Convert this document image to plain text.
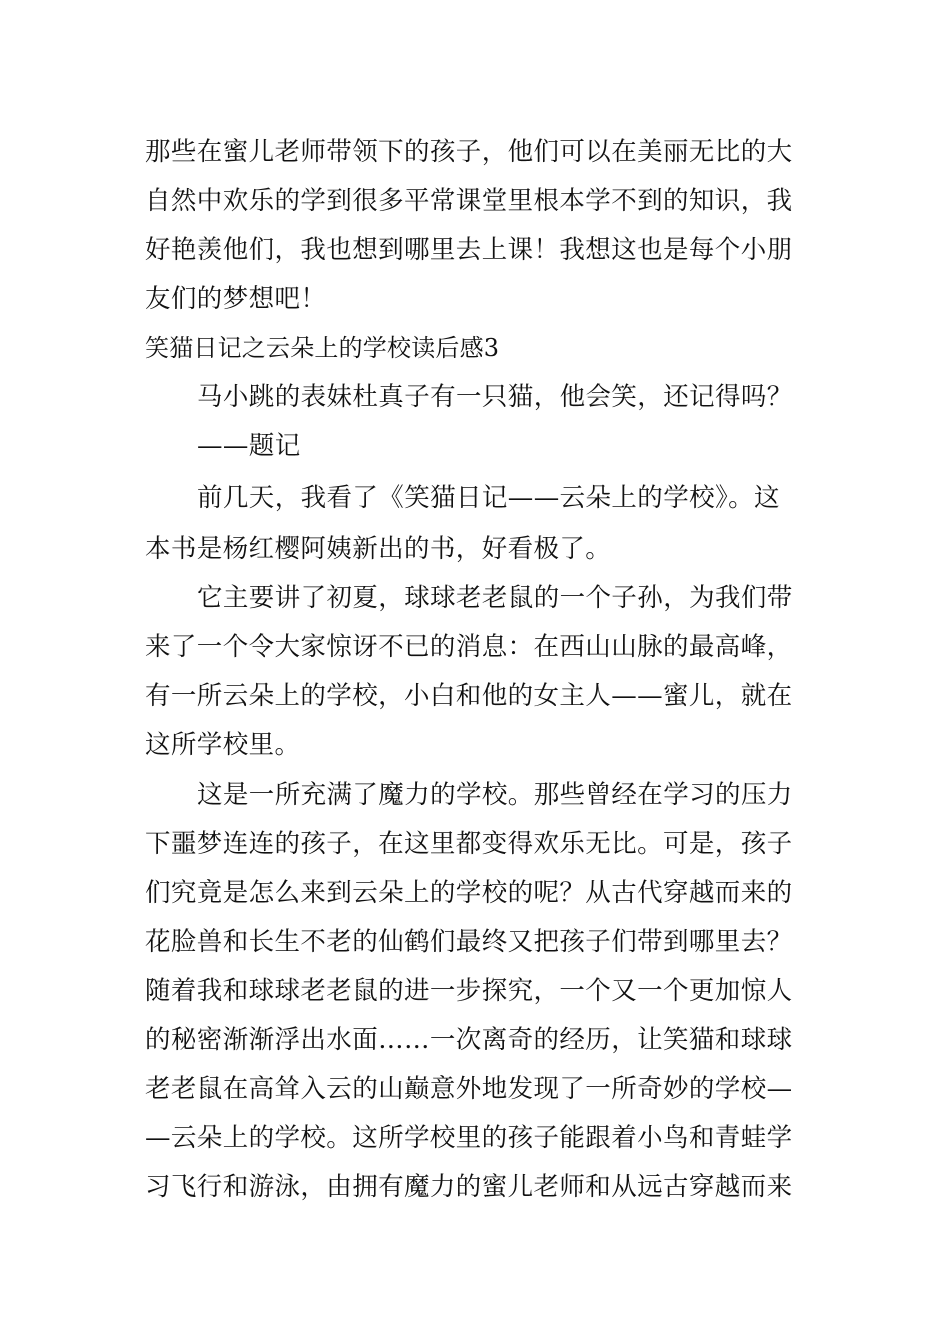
那些在蜜儿老师带领下的孩子，他们可以在美丽无比的大
自然中欢乐的学到很多平常课堂里根本学不到的知识，我
好艳羡他们，我也想到哪里去上课！我想这也是每个小朋
友们的梦想吧！
笑猫日记之云朵上的学校读后感3
马小跳的表妹杜真子有一只猫，他会笑，还记得吗？
——题记
前几天，我看了《笑猫日记——云朵上的学校》。这
本书是杨红樱阿姨新出的书，好看极了。
它主要讲了初夏，球球老老鼠的一个子孙，为我们带
来了一个令大家惊讶不已的消息：在西山山脉的最高峰，
有一所云朵上的学校，小白和他的女主人——蜜儿，就在
这所学校里。
这是一所充满了魔力的学校。那些曾经在学习的压力
下噩梦连连的孩子，在这里都变得欢乐无比。可是，孩子
们究竟是怎么来到云朵上的学校的呢？从古代穿越而来的
花脸兽和长生不老的仙鹤们最终又把孩子们带到哪里去？
随着我和球球老老鼠的进一步探究，一个又一个更加惊人
的秘密渐渐浮出水面……一次离奇的经历，让笑猫和球球
老老鼠在高耸入云的山巅意外地发现了一所奇妙的学校—
—云朵上的学校。这所学校里的孩子能跟着小鸟和青蛙学
习飞行和游泳，由拥有魔力的蜜儿老师和从远古穿越而来
